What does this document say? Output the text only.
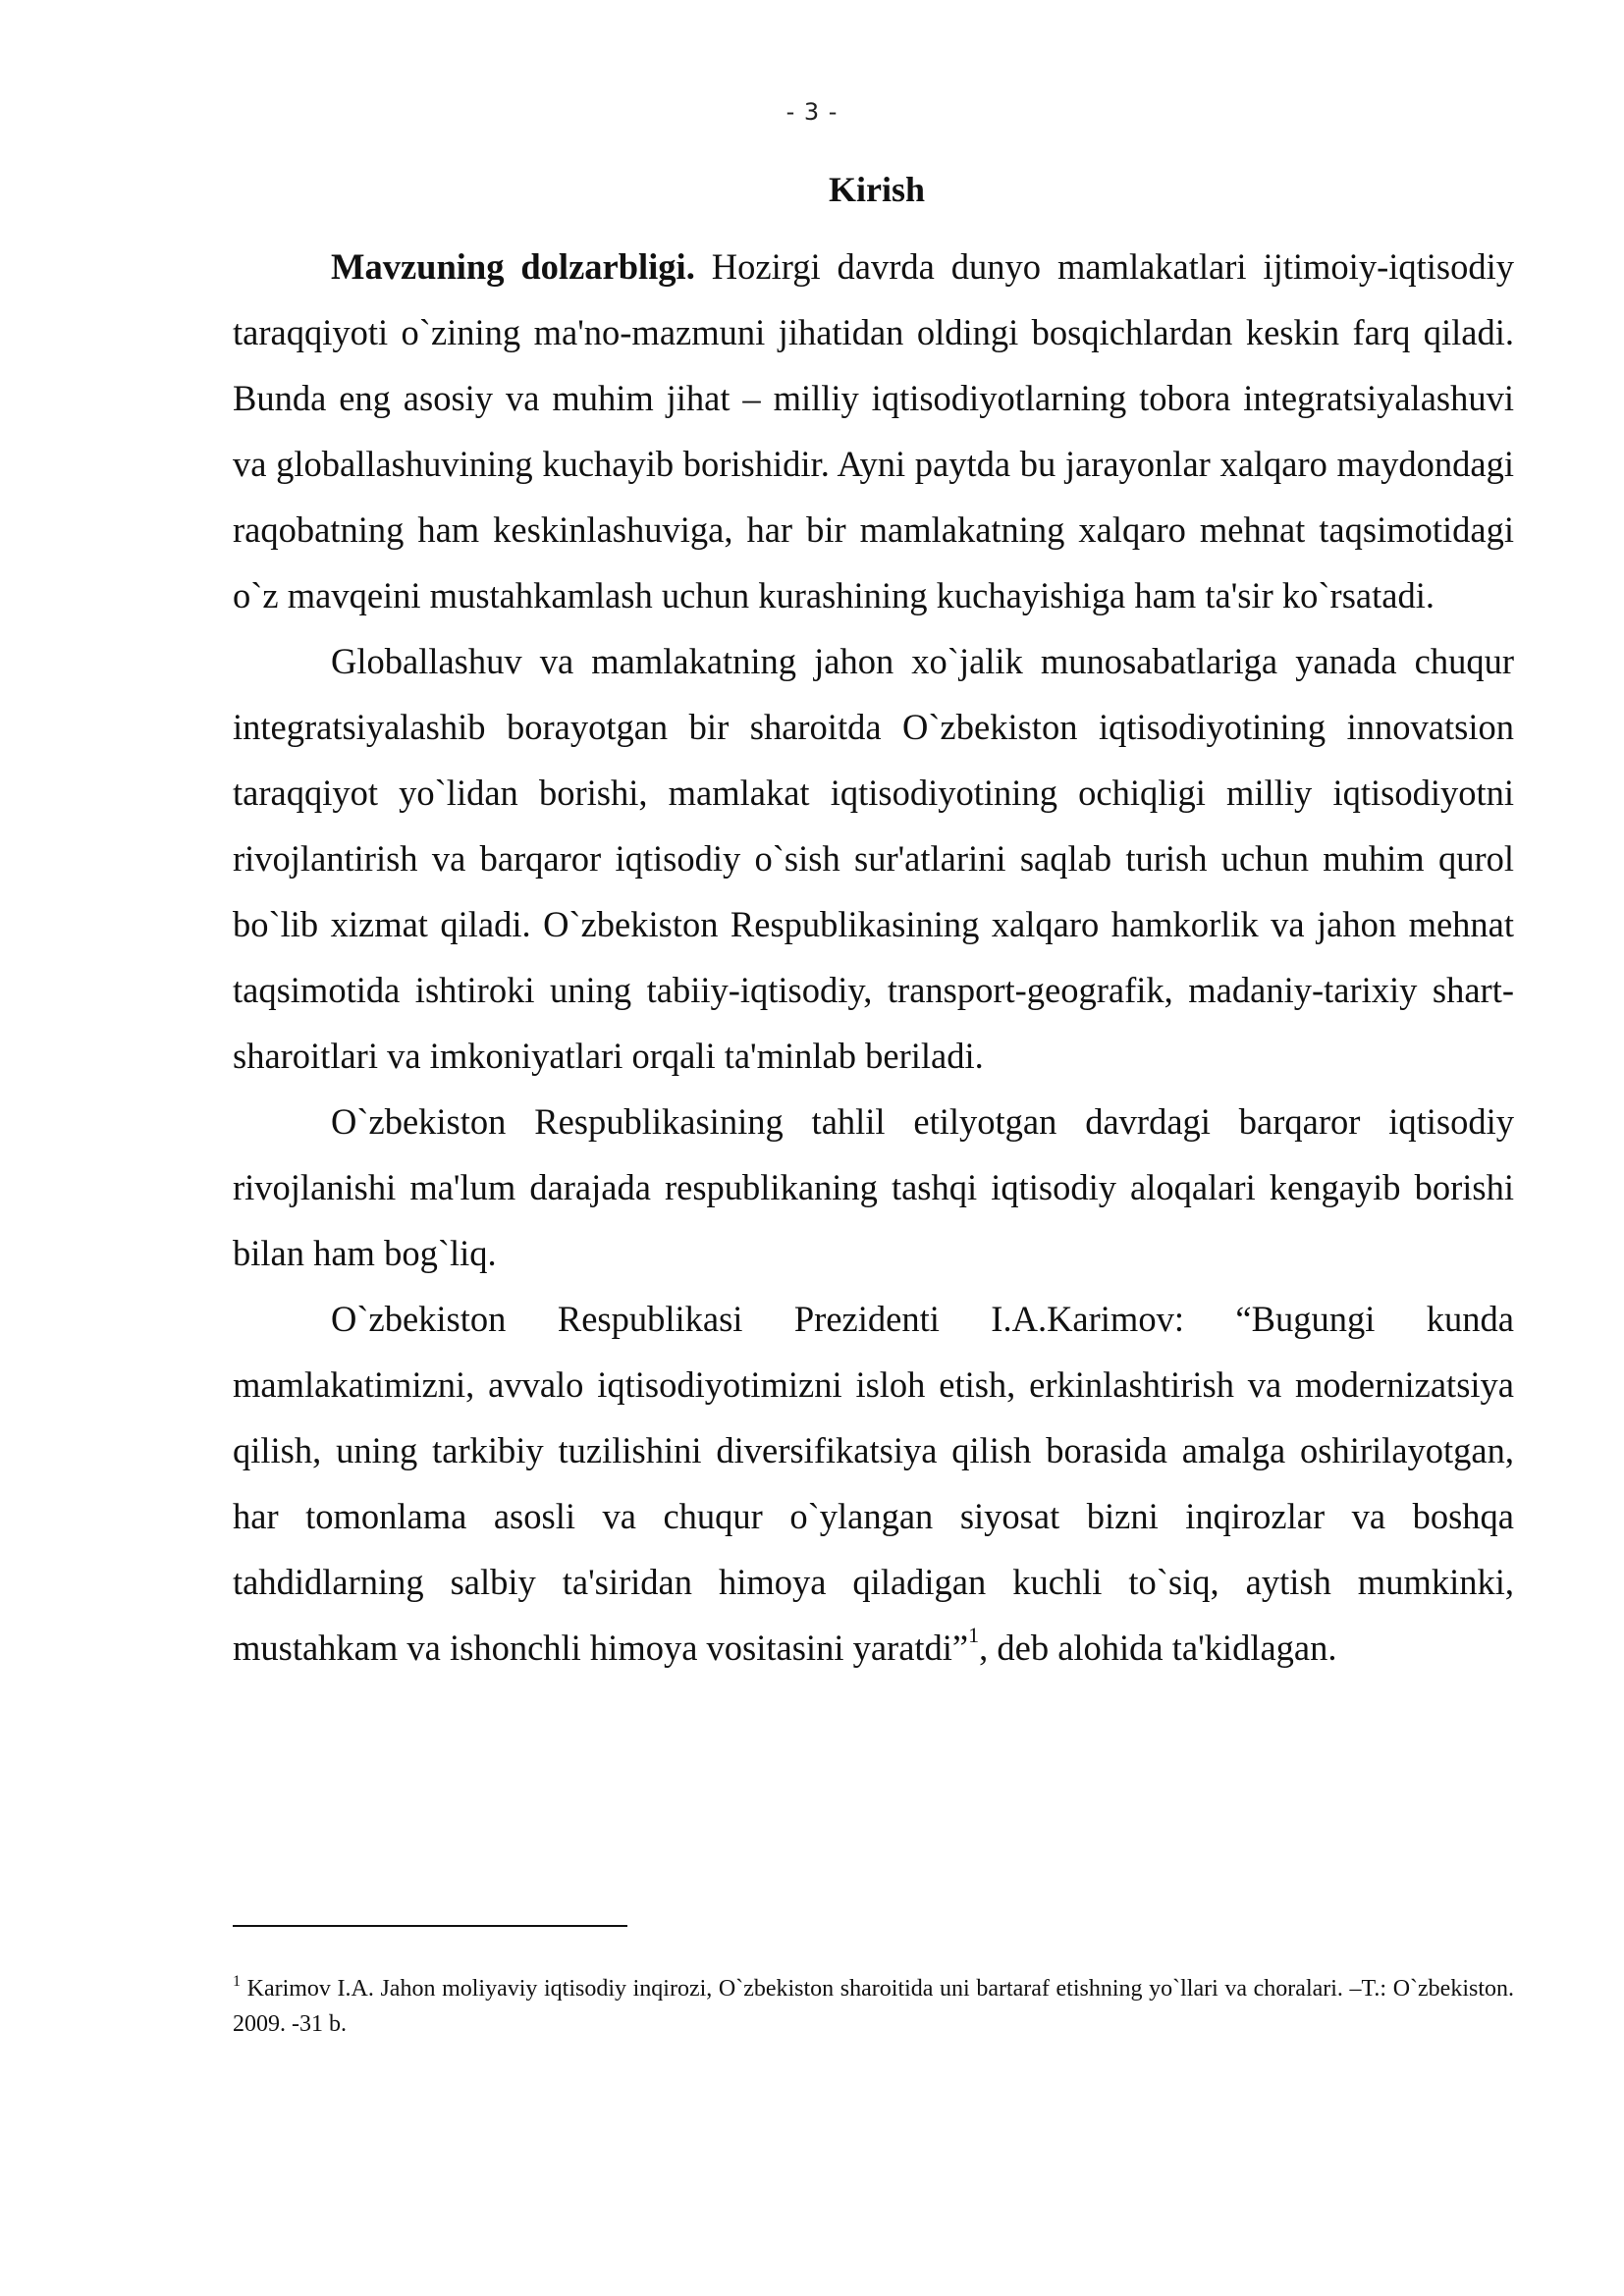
- 3 -
Kirish

Mavzuning dolzarbligi. Hozirgi davrda dunyo mamlakatlari ijtimoiy-iqtisodiy taraqqiyoti o`zining ma'no-mazmuni jihatidan oldingi bosqichlardan keskin farq qiladi. Bunda eng asosiy va muhim jihat – milliy iqtisodiyotlarning tobora integratsiyalashuvi va globallashuvining kuchayib borishidir. Ayni paytda bu jarayonlar xalqaro maydondagi raqobatning ham keskinlashuviga, har bir mamlakatning xalqaro mehnat taqsimotidagi o`z mavqeini mustahkamlash uchun kurashining kuchayishiga ham ta'sir ko`rsatadi.

Globallashuv va mamlakatning jahon xo`jalik munosabatlariga yanada chuqur integratsiyalashib borayotgan bir sharoitda O`zbekiston iqtisodiyotining innovatsion taraqqiyot yo`lidan borishi, mamlakat iqtisodiyotining ochiqligi milliy iqtisodiyotni rivojlantirish va barqaror iqtisodiy o`sish sur'atlarini saqlab turish uchun muhim qurol bo`lib xizmat qiladi. O`zbekiston Respublikasining xalqaro hamkorlik va jahon mehnat taqsimotida ishtiroki uning tabiiy-iqtisodiy, transport-geografik, madaniy-tarixiy shart-sharoitlari va imkoniyatlari orqali ta'minlab beriladi.

O`zbekiston Respublikasining tahlil etilyotgan davrdagi barqaror iqtisodiy rivojlanishi ma'lum darajada respublikaning tashqi iqtisodiy aloqalari kengayib borishi bilan ham bog`liq.

O`zbekiston Respublikasi Prezidenti I.A.Karimov: “Bugungi kunda mamlakatimizni, avvalo iqtisodiyotimizni isloh etish, erkinlashtirish va modernizatsiya qilish, uning tarkibiy tuzilishini diversifikatsiya qilish borasida amalga oshirilayotgan, har tomonlama asosli va chuqur o`ylangan siyosat bizni inqirozlar va boshqa tahdidlarning salbiy ta'siridan himoya qiladigan kuchli to`siq, aytish mumkinki, mustahkam va ishonchli himoya vositasini yaratdi”$^1$, deb alohida ta'kidlagan.

$^1$ Karimov I.A. Jahon moliyaviy iqtisodiy inqirozi, O`zbekiston sharoitida uni bartaraf etishning yo`llari va choralari. –T.: O`zbekiston. 2009. -31 b.
